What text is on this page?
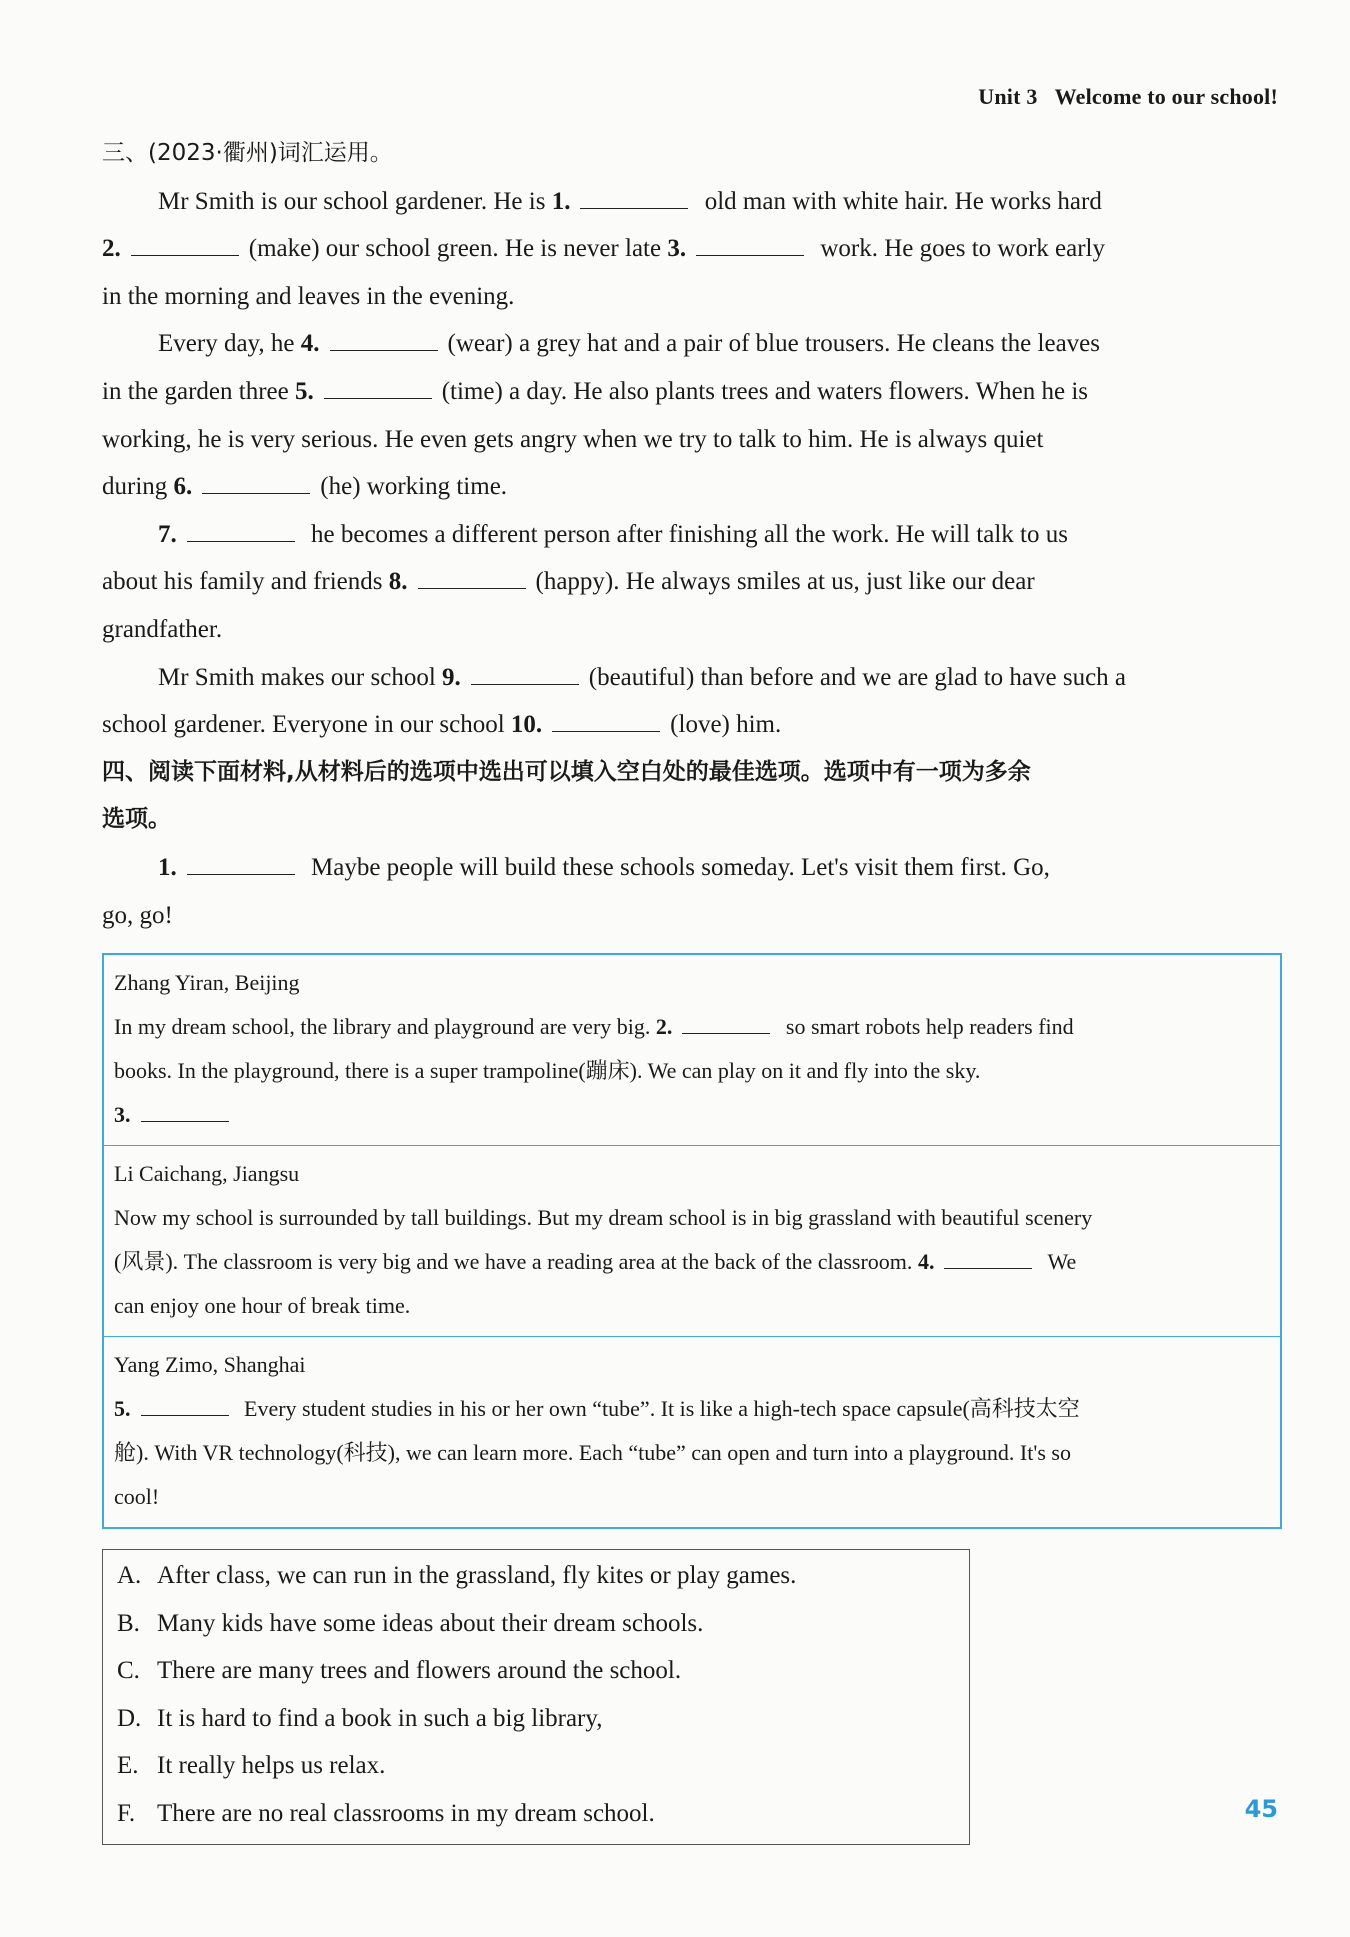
Unit 3 Welcome to our school!

三、(2023·衢州)词汇运用。

Mr Smith is our school gardener. He is 1.	old man with white hair. He works hard

2.	(make) our school green. He is never late 3.	work. He goes to work early

in the morning and leaves in the evening.

Every day, he 4.	(wear) a grey hat and a pair of blue trousers. He cleans the leaves

in the garden three 5.	(time) a day. He also plants trees and waters flowers. When he is

working, he is very serious. He even gets angry when we try to talk to him. He is always quiet

during 6.	(he) working time.

7.	he becomes a different person after finishing all the work. He will talk to us

about his family and friends 8.	(happy). He always smiles at us, just like our dear

grandfather.

Mr Smith makes our school 9.	(beautiful) than before and we are glad to have such a

school gardener. Everyone in our school 10.	(love) him.

四、阅读下面材料,从材料后的选项中选出可以填入空白处的最佳选项。选项中有一项为多余

选项。

1.	Maybe people will build these schools someday. Let's visit them first. Go,

go, go!

Zhang Yiran, Beijing

In my dream school, the library and playground are very big. 2.	so smart robots help readers find

books. In the playground, there is a super trampoline(蹦床). We can play on it and fly into the sky.

3.

Li Caichang, Jiangsu

Now my school is surrounded by tall buildings. But my dream school is in big grassland with beautiful scenery

(风景). The classroom is very big and we have a reading area at the back of the classroom. 4.	We

can enjoy one hour of break time.

Yang Zimo, Shanghai

5.	Every student studies in his or her own “tube”. It is like a high-tech space capsule(高科技太空

舱). With VR technology(科技), we can learn more. Each “tube” can open and turn into a playground. It's so

cool!

A. After class, we can run in the grassland, fly kites or play games.

B. Many kids have some ideas about their dream schools.

C. There are many trees and flowers around the school.

D. It is hard to find a book in such a big library,

E. It really helps us relax.

F. There are no real classrooms in my dream school.	45
